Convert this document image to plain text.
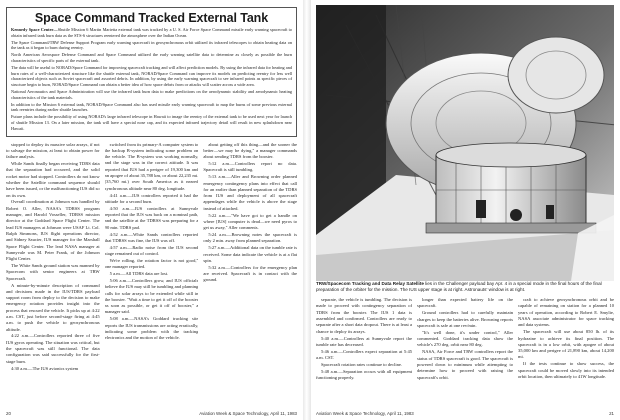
Space Command Tracked External Tank

Kennedy Space Center—Shuttle Mission 6 Martin Marietta external tank was tracked by a U. S. Air Force Space Command missile early warning spacecraft to obtain infrared tank burn data as the STS-6 structures reentered the atmosphere over the Indian Ocean.

The Space Command/TRW Defense Support Program early warning spacecraft in geosynchronous orbit utilized its infrared telescopes to obtain heating data on the tank as it began to burn during reentry.

North American Aerospace Defense Command and Space Command utilized the early warning satellite data to determine as closely as possible the burn characteristics of specific parts of the external tank.

The data will be useful to NORAD/Space Command for improving spacecraft tracking and will affect prediction models. By using the infrared data for heating and burn rates of a well-characterized structure like the shuttle external tank, NORAD/Space Command can improve its models on predicting reentry for less well characterized objects such as Soviet spacecraft and assorted debris. In addition, by using the early warning spacecraft to see infrared points as specific pieces of structure begin to burn, NORAD/Space Command can obtain a better idea of how space debris from or attacks will scatter across a wide area.

National Aeronautics and Space Administration will use the infrared tank burn data to make predictions on the aerodynamic stability and aerodynamic heating characteristics of the tank materials.

In addition to the Mission 6 external tank, NORAD/Space Command also has used missile early warning spacecraft to map the burns of some previous external tank reentries during earlier shuttle launches.

Future plans include the possibility of using NORAD's large infrared telescope in Hawaii to image the reentry of the external tank to be used next year for launch of shuttle Mission 13. On a later mission, the tank will have a special nose cap, and its expected infrared trajectory detail will result in new splashdown near Hawaii.

stopped to deploy its massive solar arrays, if not to salvage the mission, at least to obtain power for failure analysis.

While Sands finally began receiving TDRS data that the separation had occurred, and the solid rocket motor had stopped. Controllers do not know whether the Satellite command sequence should have been issued, or the malfunctioning IUS did so on its own.

Overall coordination at Johnson was handled by Robert O. Aller, NASA's TDRSS program manager, and Harold Vosseller, TDRSS mission director at the Goddard Space Flight Center. The lead IUS managers at Johnson were USAF Lt. Col. Ralph Simmons, IUS flight operations director, and Sidney Saucier, IUS manager for the Marshall Space Flight Center. The lead NASA manager at Sunnyvale was M. Peter Frank, of the Johnson Flight Center.

The White Sands ground station was manned by Spacecom with senior engineers at TRW Spacecraft.

A minute-by-minute description of command and decisions made in the IUS/TDRS payload support room from deploy to the decision to make emergency rotation provides insight into the process that rescued the vehicle. It picks up at 4:22 a.m. CST, just before second-stage firing at 4:45 a.m. to push the vehicle to geosynchronous altitude.

4:22 a.m.—Controllers reported three of five IUS gyros operating. The situation was critical, but the spacecraft was still functional. The data configuration was said successfully for the first-stage burn.

4:30 a.m.—The IUS avionics system

switched from its primary-A computer system to the backup B-system indicating some problem on the vehicle. The B-system was working normally, and the stage was in the correct attitude. It was reported that IUS had a perigee of 19,300 km and an apogee of about 35,788 km, or about 22,235 mi. (35,760 mi.) over South America as it neared synchronous altitude near 80 deg. longitude.

4:41 a.m.—IUS controllers reported it had the attitude for a second burn.

4:50 a.m.—IUS controllers at Sunnyvale reported that the IUS was back on a nominal path, and the satellite at the TDRSS was preparing for a 90 min. TDRS pad.

4:52 a.m.—White Sands controllers reported that TDRSS was fine, the IUS was off.

4:57 a.m.—Radio noise from the IUS second stage remained out of control.

We're rolling, the rotation factor is not good," one manager reported.

5 a.m.—All TDRS data are lost.

5:06 a.m.—Controllers grow, and IUS officials believe the IUS may still be tumbling and planning calls for solar arrays to be extended while still in the booster. "Wait a time to get it off of the booster as soon as possible, or get it off of booster," a manager said.

5:08 a.m.—NASA's Goddard trucking site reports the IUS transmissions are acting erratically, indicating some problem with the tracking electronics and the motion of the vehicle.

about getting off this thing—and the sooner the better—we may be dying," a manager commands about sending TDRS from the booster.

5:12 a.m.—Controllers report no data. Spacecraft is still tumbling.

5:13 a.m.—Aller and Browning order planned emergency contingency plans into effect that call for an earlier than planned separation of the TDRS from IUS and deployment of all spacecraft appendages while the vehicle is above the stage instead of attached.

5:22 a.m.—"We have got to get a handle on where [IUS] computer is dead—we need pyros to get us away," Aller comments.

5:24 a.m.—Browning notes the spacecraft is only 2 min. away from planned separation.

5:27 a.m.—Additional data on the tumble rate is received. Some data indicate the vehicle is at a flat spin.

5:32 a.m.—Controllers for the emergency plan are received. Spacecraft is in contact with the ground.

20	Aviation Week & Space Technology, April 11, 1983
TRW/Spacecom Tracking and Data Relay Satellite lies in the Challenger payload bay Apr. 4 in a special mode in the final hours of the final preparation of the orbiter for the mission. The IUS upper stage is at right. Astronauts' window is at right.

separate, the vehicle is tumbling. The decision is made to proceed with contingency separation of TDRS from the booster. The IUS 1 data is assembled and confirmed. Controllers are ready to separate after a short data dropout. There is at least a chance to deploy its arrays.

5:40 a.m.—Controllers at Sunnyvale report the tumble rate has decreased.

5:46 a.m.—Controllers expect separation at 5:45 a.m. CST.

Spacecraft rotation rates continue to decline.

5:48 a.m.—Separation occurs with all equipment functioning properly.

longer than expected battery life on the spacecraft.

Ground controllers had to carefully maintain charges to keep the batteries alive. Browning reports spacecraft is safe at one rev/min.

"It's well done, it's under control," Aller commented. Goddard tracking data show the vehicle's 270 deg. orbit near 80 deg.

NASA, Air Force and TRW controllers report the status of TDRS spacecraft is good. The spacecraft is powered down to minimum while attempting to determine how to proceed with raising the spacecraft's orbit.

craft to achieve geosynchronous orbit and be capable of remaining on station for a planned 10 years of operation, according to Robert E. Smylie, NASA associate administrator for space tracking and data systems.

The spacecraft will use about 850 lb. of its hydrazine to achieve its final position. The spacecraft is in a low orbit, with apogee of about 35,000 km and perigee of 21,890 km, about 14,200 mi.

If the tests continue to show success, the spacecraft could be moved slowly into its intended orbit location, then ultimately to 41W longitude.

Aviation Week & Space Technology, April 11, 1983	21
